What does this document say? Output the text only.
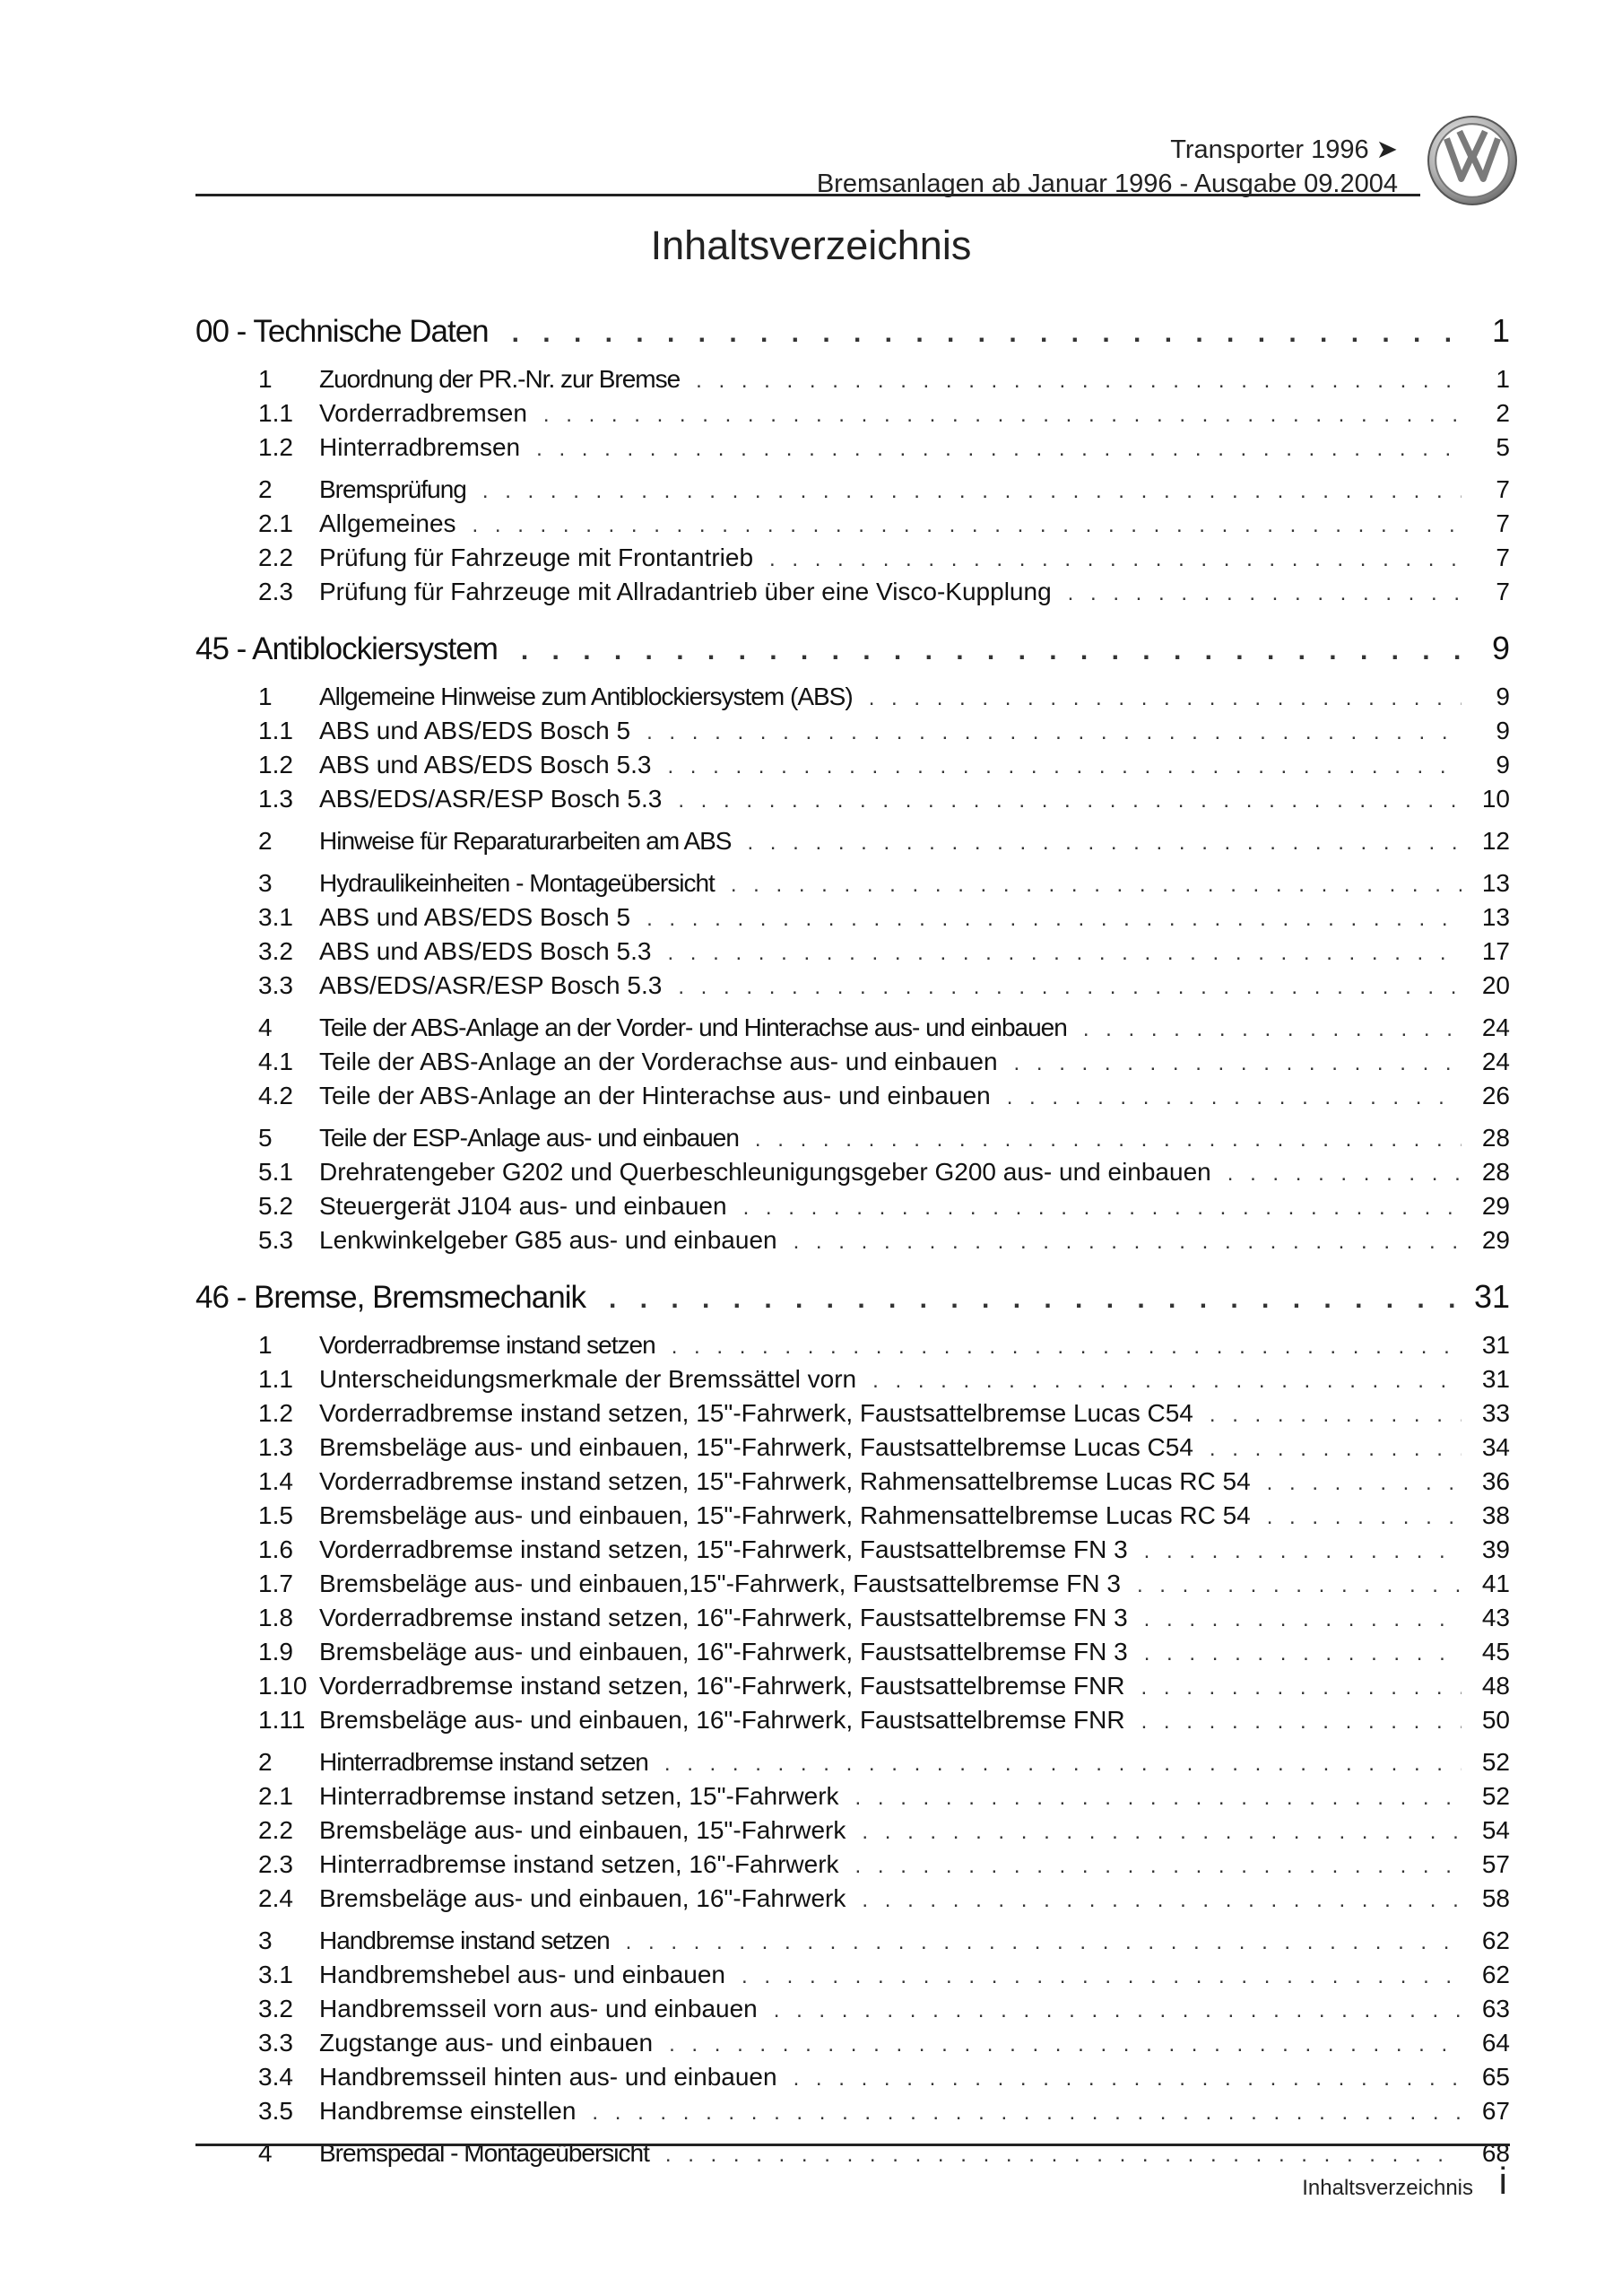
Transporter 1996 ➤
Bremsanlagen ab Januar 1996 - Ausgabe 09.2004
Inhaltsverzeichnis
00 - Technische Daten . . .	1
1	Zuordnung der PR.-Nr. zur Bremse . . .	1
1.1	Vorderradbremsen . . .	2
1.2	Hinterradbremsen . . .	5
2	Bremsprüfung . . .	7
2.1	Allgemeines . . .	7
2.2	Prüfung für Fahrzeuge mit Frontantrieb . . .	7
2.3	Prüfung für Fahrzeuge mit Allradantrieb über eine Visco-Kupplung . . .	7
45 - Antiblockiersystem . . .	9
1	Allgemeine Hinweise zum Antiblockiersystem (ABS) . . .	9
1.1	ABS und ABS/EDS Bosch 5 . . .	9
1.2	ABS und ABS/EDS Bosch 5.3 . . .	9
1.3	ABS/EDS/ASR/ESP Bosch 5.3 . . .	10
2	Hinweise für Reparaturarbeiten am ABS . . .	12
3	Hydraulikeinheiten - Montageübersicht . . .	13
3.1	ABS und ABS/EDS Bosch 5 . . .	13
3.2	ABS und ABS/EDS Bosch 5.3 . . .	17
3.3	ABS/EDS/ASR/ESP Bosch 5.3 . . .	20
4	Teile der ABS-Anlage an der Vorder- und Hinterachse aus- und einbauen . . .	24
4.1	Teile der ABS-Anlage an der Vorderachse aus- und einbauen . . .	24
4.2	Teile der ABS-Anlage an der Hinterachse aus- und einbauen . . .	26
5	Teile der ESP-Anlage aus- und einbauen . . .	28
5.1	Drehratengeber G202 und Querbeschleunigungsgeber G200 aus- und einbauen . . .	28
5.2	Steuergerät J104 aus- und einbauen . . .	29
5.3	Lenkwinkelgeber G85 aus- und einbauen . . .	29
46 - Bremse, Bremsmechanik . . .	31
1	Vorderradbremse instand setzen . . .	31
1.1	Unterscheidungsmerkmale der Bremssättel vorn . . .	31
1.2	Vorderradbremse instand setzen, 15"-Fahrwerk, Faustsattelbremse Lucas C54 . . .	33
1.3	Bremsbeläge aus- und einbauen, 15"-Fahrwerk, Faustsattelbremse Lucas C54 . . .	34
1.4	Vorderradbremse instand setzen, 15"-Fahrwerk, Rahmensattelbremse Lucas RC 54 . . .	36
1.5	Bremsbeläge aus- und einbauen, 15"-Fahrwerk, Rahmensattelbremse Lucas RC 54 . . .	38
1.6	Vorderradbremse instand setzen, 15"-Fahrwerk, Faustsattelbremse FN 3 . . .	39
1.7	Bremsbeläge aus- und einbauen,15"-Fahrwerk, Faustsattelbremse FN 3 . . .	41
1.8	Vorderradbremse instand setzen, 16"-Fahrwerk, Faustsattelbremse FN 3 . . .	43
1.9	Bremsbeläge aus- und einbauen, 16"-Fahrwerk, Faustsattelbremse FN 3 . . .	45
1.10 Vorderradbremse instand setzen, 16"-Fahrwerk, Faustsattelbremse FNR . . .	48
1.11 Bremsbeläge aus- und einbauen, 16"-Fahrwerk, Faustsattelbremse FNR . . .	50
2	Hinterradbremse instand setzen . . .	52
2.1	Hinterradbremse instand setzen, 15"-Fahrwerk . . .	52
2.2	Bremsbeläge aus- und einbauen, 15"-Fahrwerk . . .	54
2.3	Hinterradbremse instand setzen, 16"-Fahrwerk . . .	57
2.4	Bremsbeläge aus- und einbauen, 16"-Fahrwerk . . .	58
3	Handbremse instand setzen . . .	62
3.1	Handbremshebel aus- und einbauen . . .	62
3.2	Handbremsseil vorn aus- und einbauen . . .	63
3.3	Zugstange aus- und einbauen . . .	64
3.4	Handbremsseil hinten aus- und einbauen . . .	65
3.5	Handbremse einstellen . . .	67
4	Bremspedal - Montageübersicht . . .	68
Inhaltsverzeichnis i
